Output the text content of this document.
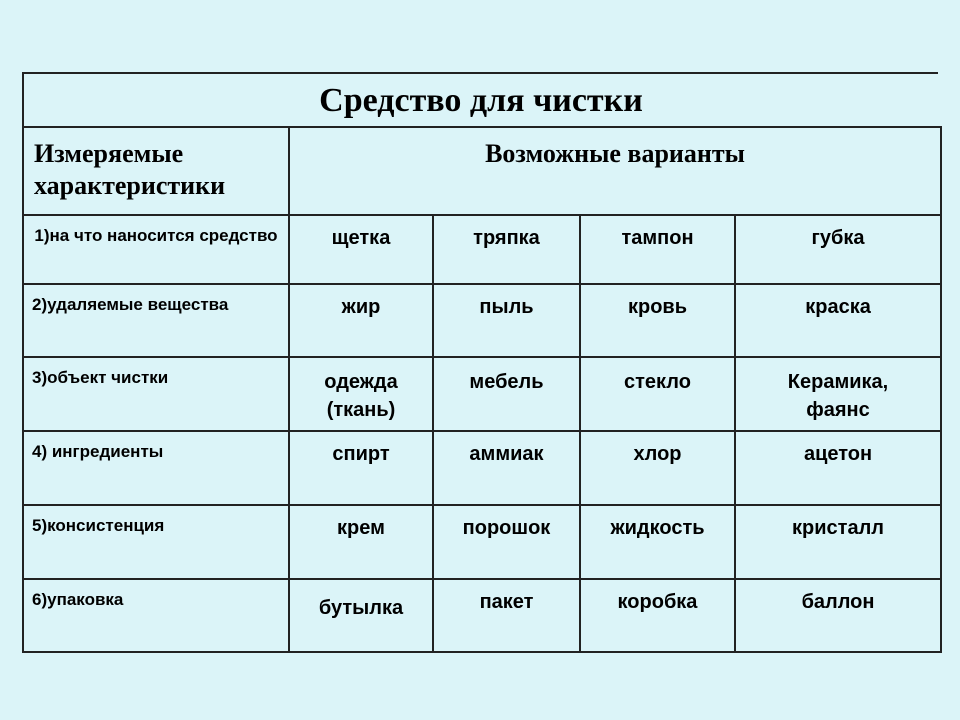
Средство для чистки
Измеряемые характеристики	Возможные варианты			
1)на что наносится средство	щетка	тряпка	тампон	губка
2)удаляемые вещества	жир	пыль	кровь	краска
3)объект чистки	одежда (ткань)	мебель	стекло	Керамика, фаянс
4) ингредиенты	спирт	аммиак	хлор	ацетон
5)консистенция	крем	порошок	жидкость	кристалл
6)упаковка	бутылка	пакет	коробка	баллон
